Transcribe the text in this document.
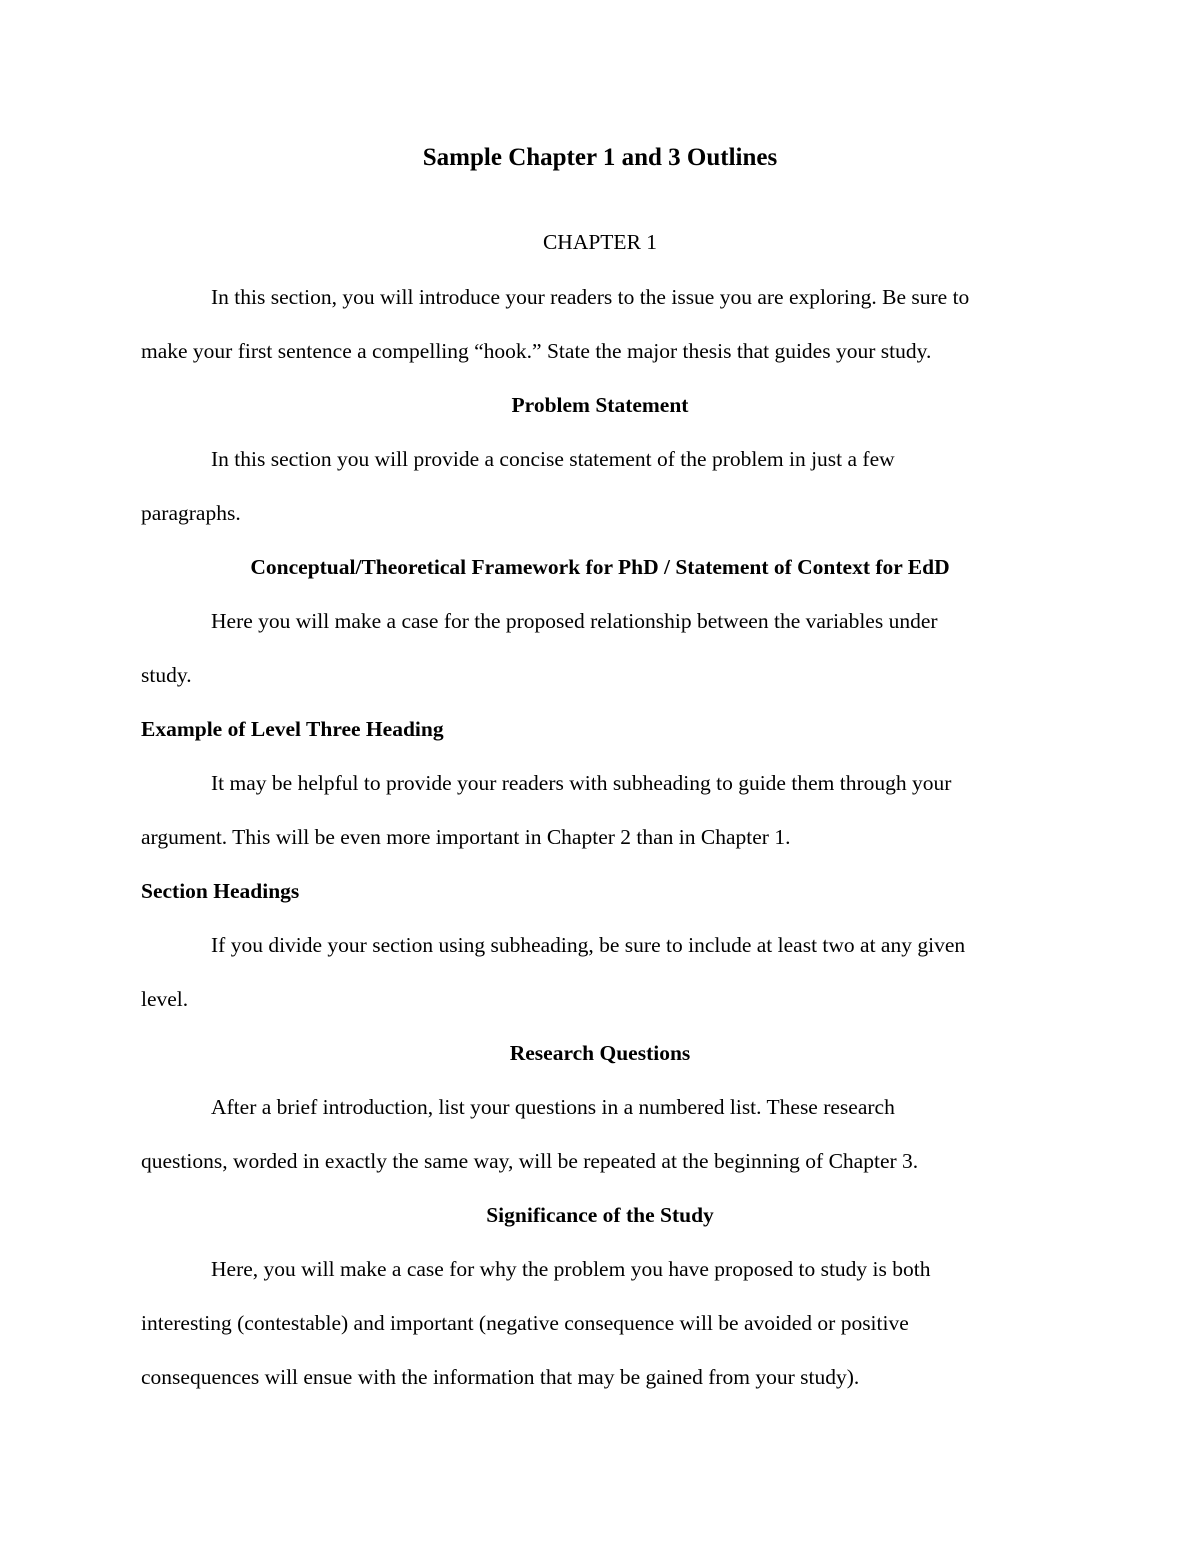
Sample Chapter 1 and 3 Outlines
CHAPTER 1
In this section, you will introduce your readers to the issue you are exploring. Be sure to
make your first sentence a compelling “hook.” State the major thesis that guides your study.
Problem Statement
In this section you will provide a concise statement of the problem in just a few
paragraphs.
Conceptual/Theoretical Framework for PhD / Statement of Context for EdD
Here you will make a case for the proposed relationship between the variables under
study.
Example of Level Three Heading
It may be helpful to provide your readers with subheading to guide them through your
argument. This will be even more important in Chapter 2 than in Chapter 1.
Section Headings
If you divide your section using subheading, be sure to include at least two at any given
level.
Research Questions
After a brief introduction, list your questions in a numbered list. These research
questions, worded in exactly the same way, will be repeated at the beginning of Chapter 3.
Significance of the Study
Here, you will make a case for why the problem you have proposed to study is both
interesting (contestable) and important (negative consequence will be avoided or positive
consequences will ensue with the information that may be gained from your study).
